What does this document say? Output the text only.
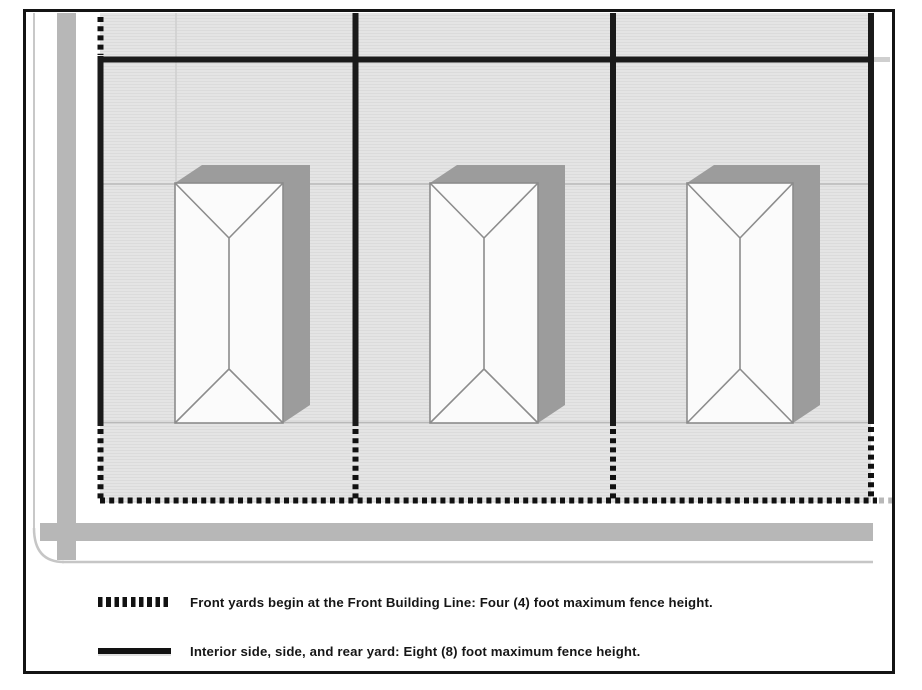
Front yards begin at the Front Building Line: Four (4) foot maximum fence height.
Interior side, side, and rear yard: Eight (8) foot maximum fence height.
